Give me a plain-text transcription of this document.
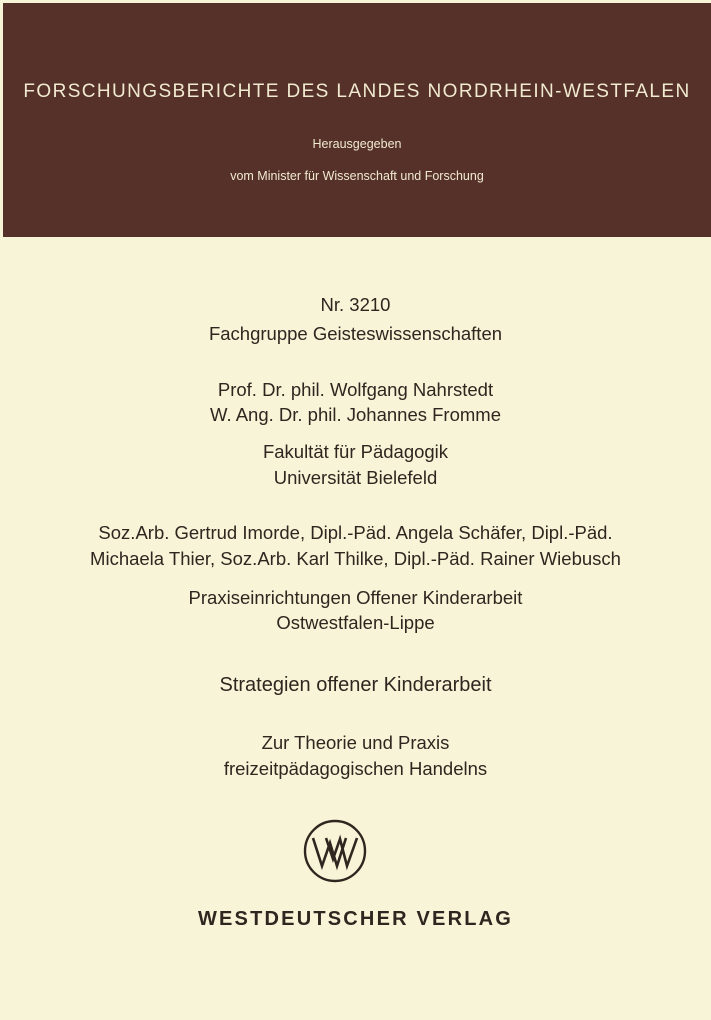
FORSCHUNGSBERICHTE DES LANDES NORDRHEIN-WESTFALEN
Herausgegeben
vom Minister für Wissenschaft und Forschung
Nr. 3210
Fachgruppe Geisteswissenschaften
Prof. Dr. phil. Wolfgang Nahrstedt
W. Ang. Dr. phil. Johannes Fromme
Fakultät für Pädagogik
Universität Bielefeld
Soz.Arb. Gertrud Imorde, Dipl.-Päd. Angela Schäfer, Dipl.-Päd.
Michaela Thier, Soz.Arb. Karl Thilke, Dipl.-Päd. Rainer Wiebusch
Praxiseinrichtungen Offener Kinderarbeit
Ostwestfalen-Lippe
Strategien offener Kinderarbeit
Zur Theorie und Praxis
freizeitpädagogischen Handelns
WESTDEUTSCHER VERLAG
